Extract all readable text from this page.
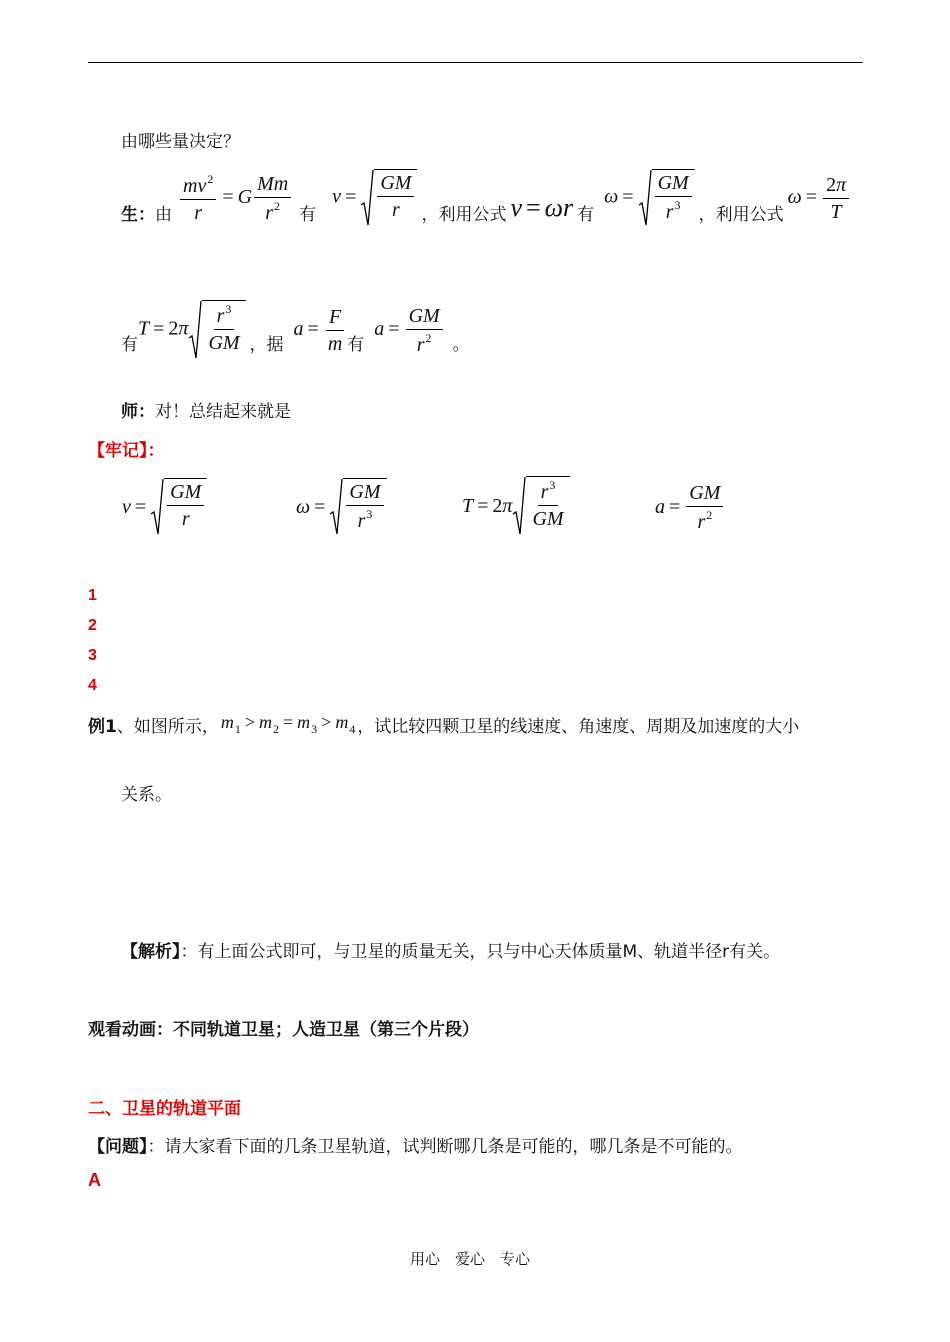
由哪些量决定？
生： 由 $\frac{mv^2}{r} = G \frac{Mm}{r^2}$ 有
$v = \frac{GM}{r}$ ，利用公式 v = ωr 有
$\omega = \frac{GM}{r^3}$ ，利用公式
$\omega = \frac{2\pi}{T}$
有
$T = 2\pi \frac{r^3}{GM}$ ，据
$a = \frac{F}{m}$ 有
$a = \frac{GM}{r^2}$ 。
师：对！总结起来就是
【牢记】：
$v = \frac{GM}{r}$	$\omega = \frac{GM}{r^3}$	T = 2 π $\frac{r^3}{GM}$	$a = \frac{GM}{r^2}$
1
2
3
4
例1 、如图所示， $m_1 > m_2 = m_3 > m_4$ ，试比较四颗卫星的线速度、角速度、周期及加速度的大小
关系。
【解析】：有上面公式即可，与卫星的质量无关，只与中心天体质量M、轨道半径r有关。
观看动画：不同轨道卫星；人造卫星（第三个片段）
二、卫星的轨道平面
【问题】：请大家看下面的几条卫星轨道，试判断哪几条是可能的，哪几条是不可能的。
A
用心　爱心　专心
